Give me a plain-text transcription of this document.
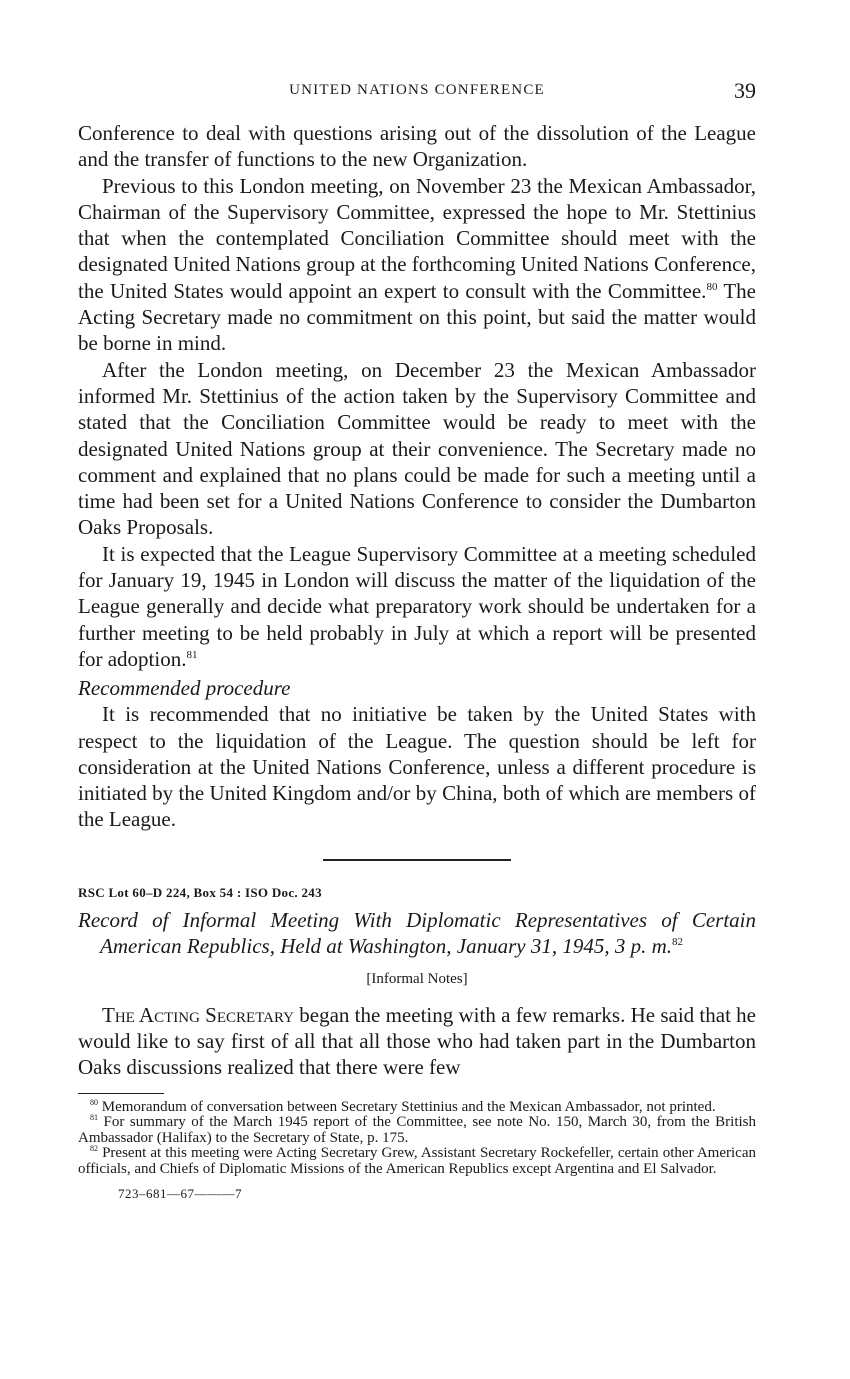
UNITED NATIONS CONFERENCE	39

Conference to deal with questions arising out of the dissolution of the League and the transfer of functions to the new Organization.

Previous to this London meeting, on November 23 the Mexican Ambassador, Chairman of the Supervisory Committee, expressed the hope to Mr. Stettinius that when the contemplated Conciliation Committee should meet with the designated United Nations group at the forthcoming United Nations Conference, the United States would appoint an expert to consult with the Committee.$^{80}$ The Acting Secretary made no commitment on this point, but said the matter would be borne in mind.

After the London meeting, on December 23 the Mexican Ambassador informed Mr. Stettinius of the action taken by the Supervisory Committee and stated that the Conciliation Committee would be ready to meet with the designated United Nations group at their convenience. The Secretary made no comment and explained that no plans could be made for such a meeting until a time had been set for a United Nations Conference to consider the Dumbarton Oaks Proposals.

It is expected that the League Supervisory Committee at a meeting scheduled for January 19, 1945 in London will discuss the matter of the liquidation of the League generally and decide what preparatory work should be undertaken for a further meeting to be held probably in July at which a report will be presented for adoption.$^{81}$

Recommended procedure

It is recommended that no initiative be taken by the United States with respect to the liquidation of the League. The question should be left for consideration at the United Nations Conference, unless a different procedure is initiated by the United Kingdom and/or by China, both of which are members of the League.

RSC Lot 60–D 224, Box 54 : ISO Doc. 243
Record of Informal Meeting With Diplomatic Representatives of Certain American Republics, Held at Washington, January 31, 1945, 3 p. m.$^{82}$
[Informal Notes]

The Acting Secretary began the meeting with a few remarks. He said that he would like to say first of all that all those who had taken part in the Dumbarton Oaks discussions realized that there were few

$^{80}$ Memorandum of conversation between Secretary Stettinius and the Mexican Ambassador, not printed.
$^{81}$ For summary of the March 1945 report of the Committee, see note No. 150, March 30, from the British Ambassador (Halifax) to the Secretary of State, p. 175.
$^{82}$ Present at this meeting were Acting Secretary Grew, Assistant Secretary Rockefeller, certain other American officials, and Chiefs of Diplomatic Missions of the American Republics except Argentina and El Salvador.
723–681—67———7
